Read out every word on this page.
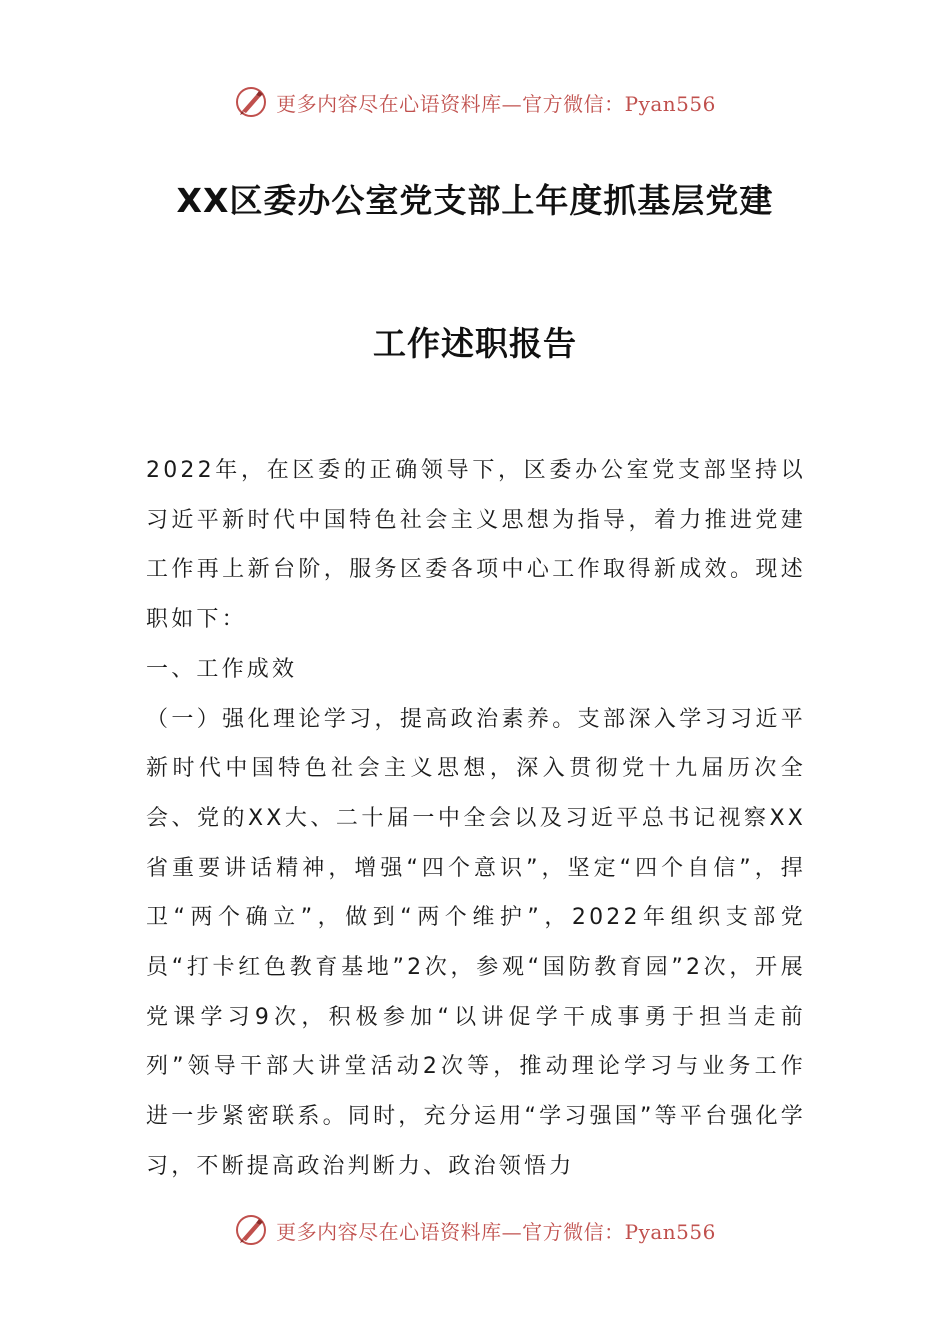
更多内容尽在心语资料库—官方微信：Pyan556
XX区委办公室党支部上年度抓基层党建
工作述职报告

2022年，在区委的正确领导下，区委办公室党支部坚持以习近平新时代中国特色社会主义思想为指导，着力推进党建工作再上新台阶，服务区委各项中心工作取得新成效。现述职如下：

一、工作成效

（一）强化理论学习，提高政治素养。支部深入学习习近平新时代中国特色社会主义思想，深入贯彻党十九届历次全会、党的XX大、二十届一中全会以及习近平总书记视察XX省重要讲话精神，增强“四个意识”，坚定“四个自信”，捍卫“两个确立”，做到“两个维护”，2022年组织支部党员“打卡红色教育基地”2次，参观“国防教育园”2次，开展党课学习9次，积极参加“以讲促学干成事勇于担当走前列”领导干部大讲堂活动2次等，推动理论学习与业务工作进一步紧密联系。同时，充分运用“学习强国”等平台强化学习，不断提高政治判断力、政治领悟力

更多内容尽在心语资料库—官方微信：Pyan556
